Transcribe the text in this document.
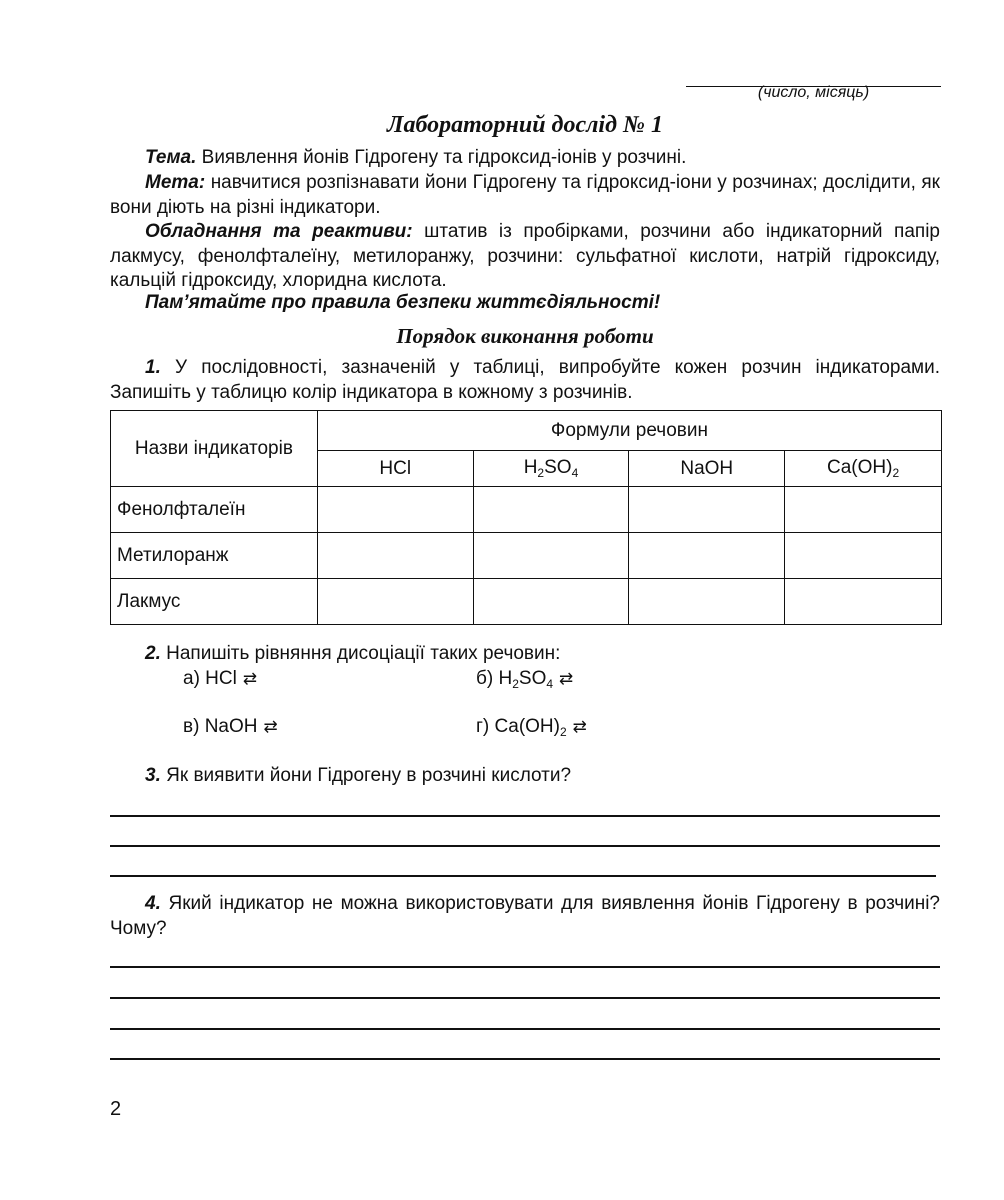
(число, місяць)
Лабораторний дослід № 1
Тема. Виявлення йонів Гідрогену та гідроксид-іонів у розчині.
Мета: навчитися розпізнавати йони Гідрогену та гідроксид-іони у розчинах; дослідити, як вони діють на різні індикатори.
Обладнання та реактиви: штатив із пробірками, розчини або індикаторний папір лакмусу, фенолфталеїну, метилоранжу, розчини: сульфатної кислоти, натрій гідроксиду, кальцій гідроксиду, хлоридна кислота.
Пам’ятайте про правила безпеки життєдіяльності!
Порядок виконання роботи
1. У послідовності, зазначеній у таблиці, випробуйте кожен розчин індикаторами. Запишіть у таблицю колір індикатора в кожному з розчинів.
Назви індикаторів	Формули речовин			
	HCl	$H_2SO_4$	NaOH	$Ca(OH)_2$
Фенолфталеїн				
Метилоранж				
Лакмус				
2. Напишіть рівняння дисоціації таких речовин:
а) HCl ⇄	б) $H_2SO_4$ ⇄
в) NaOH ⇄	г) $Ca(OH)_2$ ⇄
3. Як виявити йони Гідрогену в розчині кислоти?
4. Який індикатор не можна використовувати для виявлення йонів Гідрогену в розчині? Чому?
2
